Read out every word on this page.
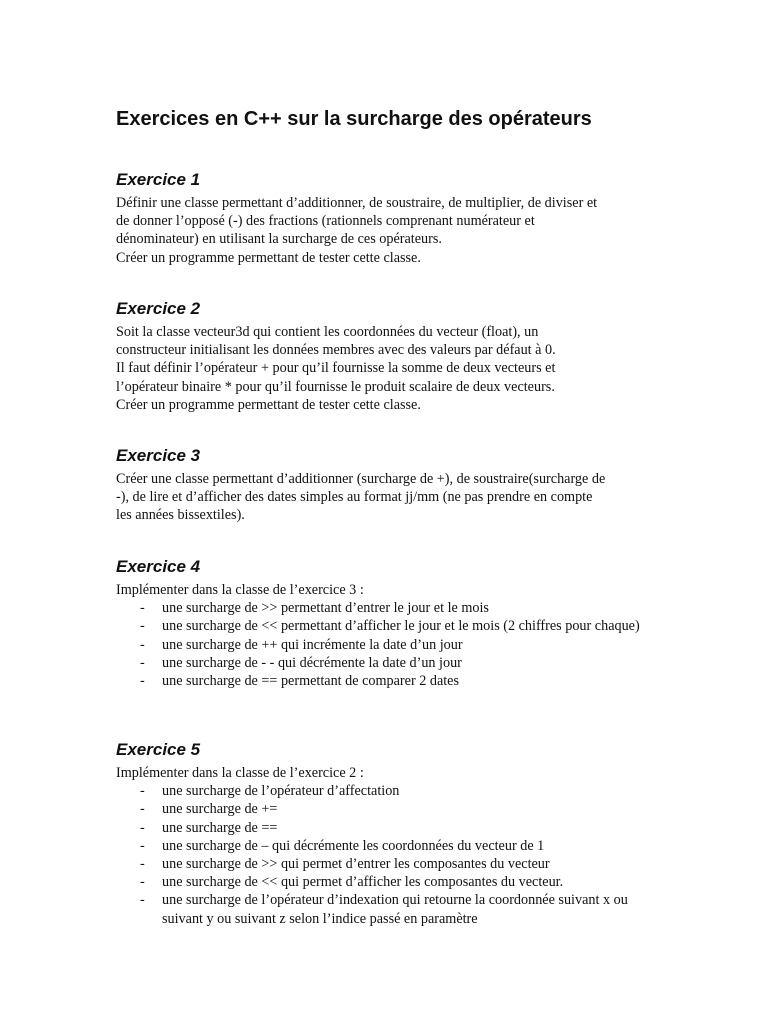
Exercices en C++ sur la surcharge des opérateurs
Exercice 1

Définir une classe permettant d’additionner, de soustraire, de multiplier, de diviser et
de donner l’opposé (-) des fractions (rationnels comprenant numérateur et
dénominateur) en utilisant la surcharge de ces opérateurs.
Créer un programme permettant de tester cette classe.

Exercice 2

Soit la classe vecteur3d qui contient les coordonnées du vecteur (float), un
constructeur initialisant les données membres avec des valeurs par défaut à 0.
Il faut définir l’opérateur + pour qu’il fournisse la somme de deux vecteurs et
l’opérateur binaire * pour qu’il fournisse le produit scalaire de deux vecteurs.
Créer un programme permettant de tester cette classe.

Exercice 3

Créer une classe permettant d’additionner (surcharge de +), de soustraire(surcharge de
-), de lire et d’afficher des dates simples au format jj/mm (ne pas prendre en compte
les années bissextiles).

Exercice 4

Implémenter dans la classe de l’exercice 3 :

- une surcharge de >> permettant d’entrer le jour et le mois
- une surcharge de << permettant d’afficher le jour et le mois (2 chiffres pour chaque)
- une surcharge de ++ qui incrémente la date d’un jour
- une surcharge de - - qui décrémente la date d’un jour
- une surcharge de == permettant de comparer 2 dates
Exercice 5

Implémenter dans la classe de l’exercice 2 :

- une surcharge de l’opérateur d’affectation
- une surcharge de +=
- une surcharge de ==
- une surcharge de – qui décrémente les coordonnées du vecteur de 1
- une surcharge de >> qui permet d’entrer les composantes du vecteur
- une surcharge de << qui permet d’afficher les composantes du vecteur.
- une surcharge de l’opérateur d’indexation qui retourne la coordonnée suivant x ou suivant y ou suivant z selon l’indice passé en paramètre
